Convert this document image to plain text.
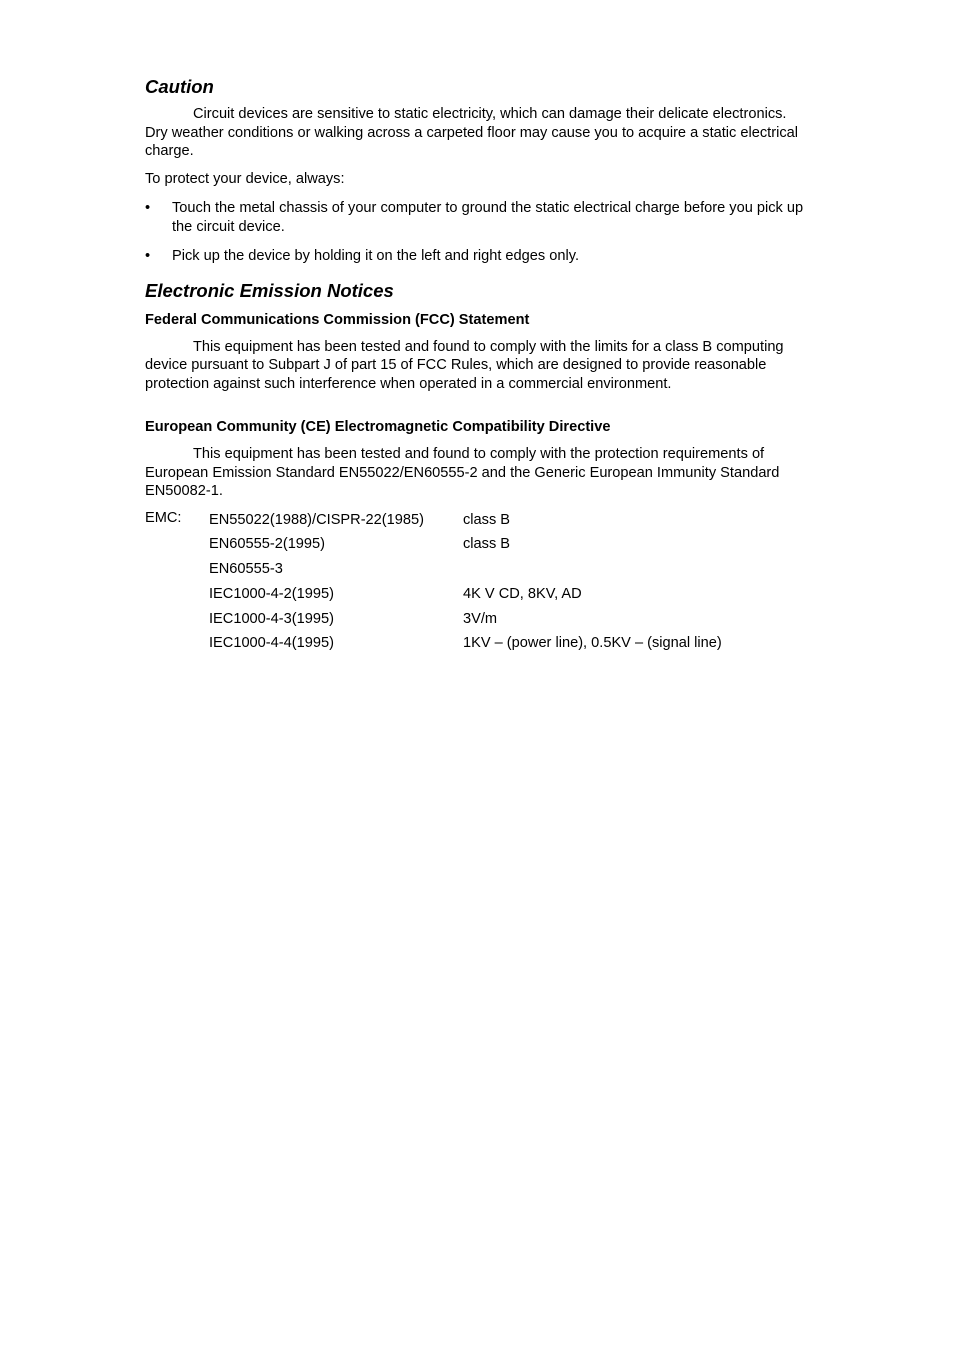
Caution

Circuit devices are sensitive to static electricity, which can damage their delicate electronics. Dry weather conditions or walking across a carpeted floor may cause you to acquire a static electrical charge.

To protect your device, always:

•	Touch the metal chassis of your computer to ground the static electrical charge before you pick up the circuit device.
•	Pick up the device by holding it on the left and right edges only.
Electronic Emission Notices
Federal Communications Commission (FCC) Statement

This equipment has been tested and found to comply with the limits for a class B computing device pursuant to Subpart J of part 15 of FCC Rules, which are designed to provide reasonable protection against such interference when operated in a commercial environment.

European Community (CE) Electromagnetic Compatibility Directive

This equipment has been tested and found to comply with the protection requirements of European Emission Standard EN55022/EN60555-2 and the Generic European Immunity Standard EN50082-1.

EMC:	EN55022(1988)/CISPR-22(1985)	class B
EN60555-2(1995)	class B
EN60555-3	
IEC1000-4-2(1995)	4K V CD, 8KV, AD
IEC1000-4-3(1995)	3V/m
IEC1000-4-4(1995)	1KV – (power line), 0.5KV – (signal line)
